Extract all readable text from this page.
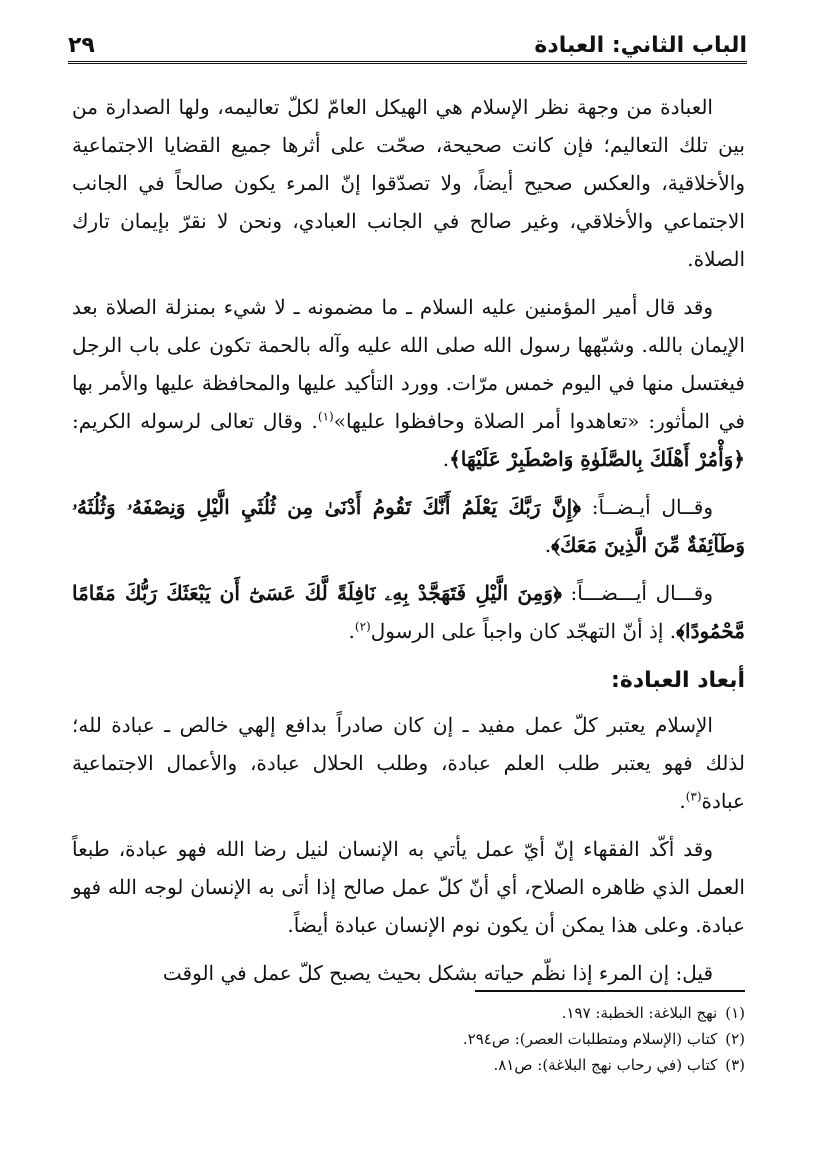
الباب الثاني: العبادة
٢٩

العبادة من وجهة نظر الإسلام هي الهيكل العامّ لكلّ تعاليمه، ولها الصدارة من بين تلك التعاليم؛ فإن كانت صحيحة، صحّت على أثرها جميع القضايا الاجتماعية والأخلاقية، والعكس صحيح أيضاً، ولا تصدّقوا إنّ المرء يكون صالحاً في الجانب الاجتماعي والأخلاقي، وغير صالح في الجانب العبادي، ونحن لا نقرّ بإيمان تارك الصلاة.

وقد قال أمير المؤمنين عليه السلام ـ ما مضمونه ـ لا شيء بمنزلة الصلاة بعد الإيمان بالله. وشبّهها رسول الله صلى الله عليه وآله بالحمة تكون على باب الرجل فيغتسل منها في اليوم خمس مرّات. وورد التأكيد عليها والمحافظة عليها والأمر بها في المأثور: «تعاهدوا أمر الصلاة وحافظوا عليها»$^{(١)}$. وقال تعالى لرسوله الكريم: ﴿وَأْمُرْ أَهْلَكَ بِالصَّلَوٰةِ وَاصْطَبِرْ عَلَيْهَا﴾.

وقــال أيـضــاً: ﴿إِنَّ رَبَّكَ يَعْلَمُ أَنَّكَ تَقُومُ أَدْنَىٰ مِن ثُلُثَيِ الَّيْلِ وَنِصْفَهُۥ وَثُلُثَهُۥ وَطَآئِفَةٌ مِّنَ الَّذِينَ مَعَكَ﴾.

وقـــال أيـــضـــاً: ﴿وَمِنَ الَّيْلِ فَتَهَجَّدْ بِهِۦ نَافِلَةً لَّكَ عَسَىٰٓ أَن يَبْعَثَكَ رَبُّكَ مَقَامًا مَّحْمُودًا﴾. إذ أنّ التهجّد كان واجباً على الرسول$^{(٢)}$.

أبعاد العبادة:

الإسلام يعتبر كلّ عمل مفيد ـ إن كان صادراً بدافع إلهي خالص ـ عبادة لله؛ لذلك فهو يعتبر طلب العلم عبادة، وطلب الحلال عبادة، والأعمال الاجتماعية عبادة$^{(٣)}$.

وقد أكّد الفقهاء إنّ أيّ عمل يأتي به الإنسان لنيل رضا الله فهو عبادة، طبعاً العمل الذي ظاهره الصلاح، أي أنّ كلّ عمل صالح إذا أتى به الإنسان لوجه الله فهو عبادة. وعلى هذا يمكن أن يكون نوم الإنسان عبادة أيضاً.

قيل: إن المرء إذا نظّم حياته بشكل بحيث يصبح كلّ عمل في الوقت

(١)نهج البلاغة: الخطبة: ١٩٧.
(٢)كتاب (الإسلام ومتطلبات العصر): ص٢٩٤.
(٣)كتاب (في رحاب نهج البلاغة): ص٨١.
